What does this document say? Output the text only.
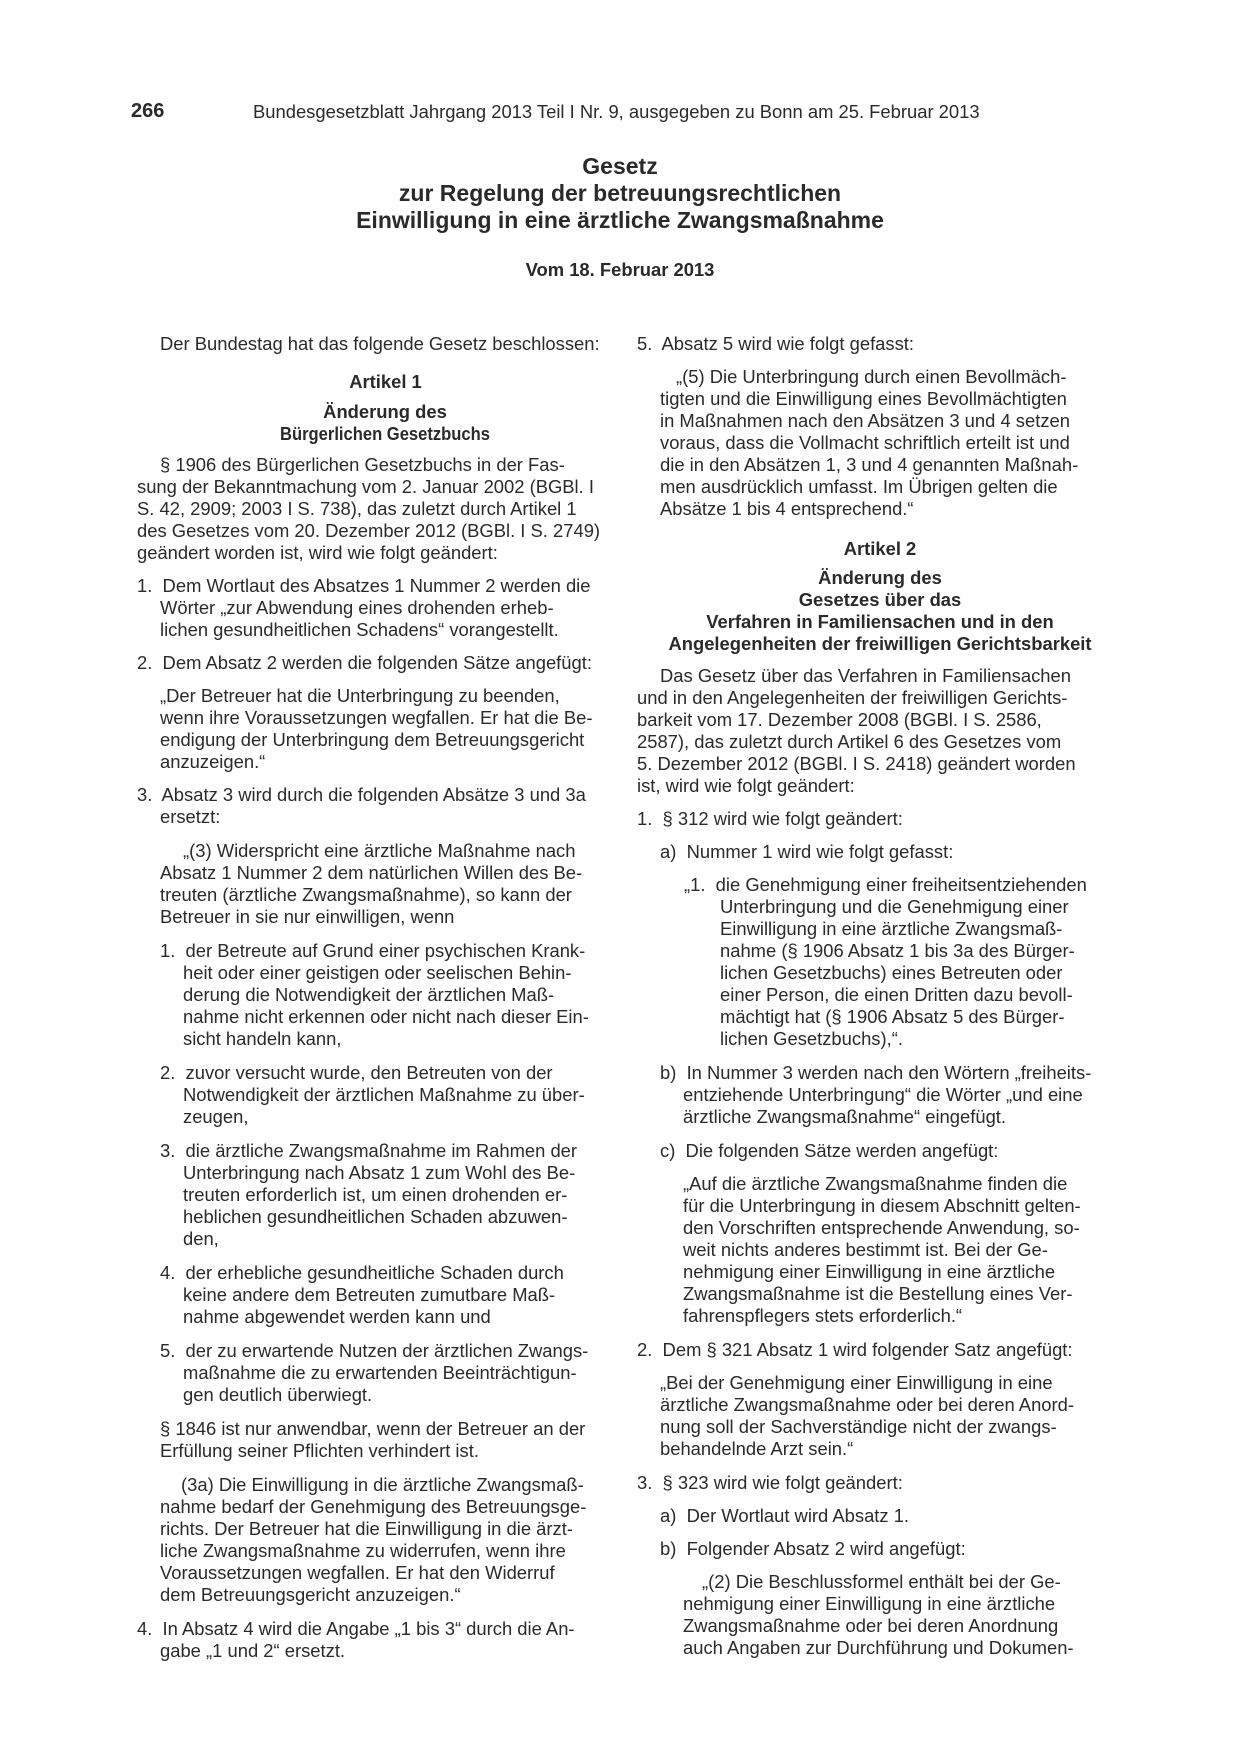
266	Bundesgesetzblatt Jahrgang 2013 Teil I Nr. 9, ausgegeben zu Bonn am 25. Februar 2013
Gesetz
zur Regelung der betreuungsrechtlichen
Einwilligung in eine ärztliche Zwangsmaßnahme
Vom 18. Februar 2013
Der Bundestag hat das folgende Gesetz beschlossen:
Artikel 1
Änderung des
Bürgerlichen Gesetzbuchs
§ 1906 des Bürgerlichen Gesetzbuchs in der Fas-
sung der Bekanntmachung vom 2. Januar 2002 (BGBl. I
S. 42, 2909; 2003 I S. 738), das zuletzt durch Artikel 1
des Gesetzes vom 20. Dezember 2012 (BGBl. I S. 2749)
geändert worden ist, wird wie folgt geändert:
1.  Dem Wortlaut des Absatzes 1 Nummer 2 werden die
Wörter „zur Abwendung eines drohenden erheb-
lichen gesundheitlichen Schadens“ vorangestellt.
2.  Dem Absatz 2 werden die folgenden Sätze angefügt:
„Der Betreuer hat die Unterbringung zu beenden,
wenn ihre Voraussetzungen wegfallen. Er hat die Be-
endigung der Unterbringung dem Betreuungsgericht
anzuzeigen.“
3.  Absatz 3 wird durch die folgenden Absätze 3 und 3a
ersetzt:
„(3) Widerspricht eine ärztliche Maßnahme nach
Absatz 1 Nummer 2 dem natürlichen Willen des Be-
treuten (ärztliche Zwangsmaßnahme), so kann der
Betreuer in sie nur einwilligen, wenn
1.  der Betreute auf Grund einer psychischen Krank-
heit oder einer geistigen oder seelischen Behin-
derung die Notwendigkeit der ärztlichen Maß-
nahme nicht erkennen oder nicht nach dieser Ein-
sicht handeln kann,
2.  zuvor versucht wurde, den Betreuten von der
Notwendigkeit der ärztlichen Maßnahme zu über-
zeugen,
3.  die ärztliche Zwangsmaßnahme im Rahmen der
Unterbringung nach Absatz 1 zum Wohl des Be-
treuten erforderlich ist, um einen drohenden er-
heblichen gesundheitlichen Schaden abzuwen-
den,
4.  der erhebliche gesundheitliche Schaden durch
keine andere dem Betreuten zumutbare Maß-
nahme abgewendet werden kann und
5.  der zu erwartende Nutzen der ärztlichen Zwangs-
maßnahme die zu erwartenden Beeinträchtigun-
gen deutlich überwiegt.
§ 1846 ist nur anwendbar, wenn der Betreuer an der
Erfüllung seiner Pflichten verhindert ist.
(3a) Die Einwilligung in die ärztliche Zwangsmaß-
nahme bedarf der Genehmigung des Betreuungsge-
richts. Der Betreuer hat die Einwilligung in die ärzt-
liche Zwangsmaßnahme zu widerrufen, wenn ihre
Voraussetzungen wegfallen. Er hat den Widerruf
dem Betreuungsgericht anzuzeigen.“
4.  In Absatz 4 wird die Angabe „1 bis 3“ durch die An-
gabe „1 und 2“ ersetzt.
5.  Absatz 5 wird wie folgt gefasst:
„(5) Die Unterbringung durch einen Bevollmäch-
tigten und die Einwilligung eines Bevollmächtigten
in Maßnahmen nach den Absätzen 3 und 4 setzen
voraus, dass die Vollmacht schriftlich erteilt ist und
die in den Absätzen 1, 3 und 4 genannten Maßnah-
men ausdrücklich umfasst. Im Übrigen gelten die
Absätze 1 bis 4 entsprechend.“
Artikel 2
Änderung des
Gesetzes über das
Verfahren in Familiensachen und in den
Angelegenheiten der freiwilligen Gerichtsbarkeit
Das Gesetz über das Verfahren in Familiensachen
und in den Angelegenheiten der freiwilligen Gerichts-
barkeit vom 17. Dezember 2008 (BGBl. I S. 2586,
2587), das zuletzt durch Artikel 6 des Gesetzes vom
5. Dezember 2012 (BGBl. I S. 2418) geändert worden
ist, wird wie folgt geändert:
1.  § 312 wird wie folgt geändert:
a)  Nummer 1 wird wie folgt gefasst:
„1.  die Genehmigung einer freiheitsentziehenden
Unterbringung und die Genehmigung einer
Einwilligung in eine ärztliche Zwangsmaß-
nahme (§ 1906 Absatz 1 bis 3a des Bürger-
lichen Gesetzbuchs) eines Betreuten oder
einer Person, die einen Dritten dazu bevoll-
mächtigt hat (§ 1906 Absatz 5 des Bürger-
lichen Gesetzbuchs),“.
b)  In Nummer 3 werden nach den Wörtern „freiheits-
entziehende Unterbringung“ die Wörter „und eine
ärztliche Zwangsmaßnahme“ eingefügt.
c)  Die folgenden Sätze werden angefügt:
„Auf die ärztliche Zwangsmaßnahme finden die
für die Unterbringung in diesem Abschnitt gelten-
den Vorschriften entsprechende Anwendung, so-
weit nichts anderes bestimmt ist. Bei der Ge-
nehmigung einer Einwilligung in eine ärztliche
Zwangsmaßnahme ist die Bestellung eines Ver-
fahrenspflegers stets erforderlich.“
2.  Dem § 321 Absatz 1 wird folgender Satz angefügt:
„Bei der Genehmigung einer Einwilligung in eine
ärztliche Zwangsmaßnahme oder bei deren Anord-
nung soll der Sachverständige nicht der zwangs-
behandelnde Arzt sein.“
3.  § 323 wird wie folgt geändert:
a)  Der Wortlaut wird Absatz 1.
b)  Folgender Absatz 2 wird angefügt:
„(2) Die Beschlussformel enthält bei der Ge-
nehmigung einer Einwilligung in eine ärztliche
Zwangsmaßnahme oder bei deren Anordnung
auch Angaben zur Durchführung und Dokumen-
